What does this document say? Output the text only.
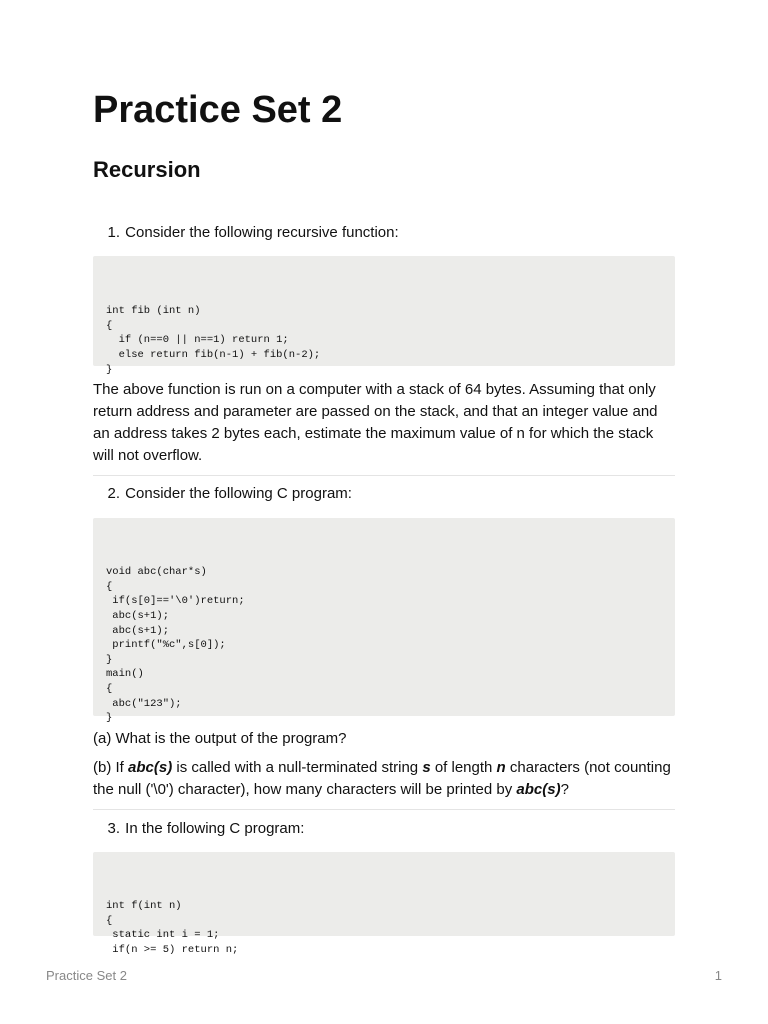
Practice Set 2
Recursion

1. Consider the following recursive function:

int fib (int n)
{
if (n==0 || n==1) return 1;
else return fib(n-1) + fib(n-2);
}

The above function is run on a computer with a stack of 64 bytes. Assuming that only return address and parameter are passed on the stack, and that an integer value and an address takes 2 bytes each, estimate the maximum value of n for which the stack will not overflow.

2. Consider the following C program:

void abc(char*s)
{
if(s[0]=='\0')return;
abc(s+1);
abc(s+1);
printf("%c",s[0]);
}
main()
{
abc("123");
}

(a) What is the output of the program?

(b) If abc(s) is called with a null-terminated string s of length n characters (not counting the null ('\0') character), how many characters will be printed by abc(s)?

3. In the following C program:

int f(int n)
{
static int i = 1;
if(n >= 5) return n;

Practice Set 2	1
